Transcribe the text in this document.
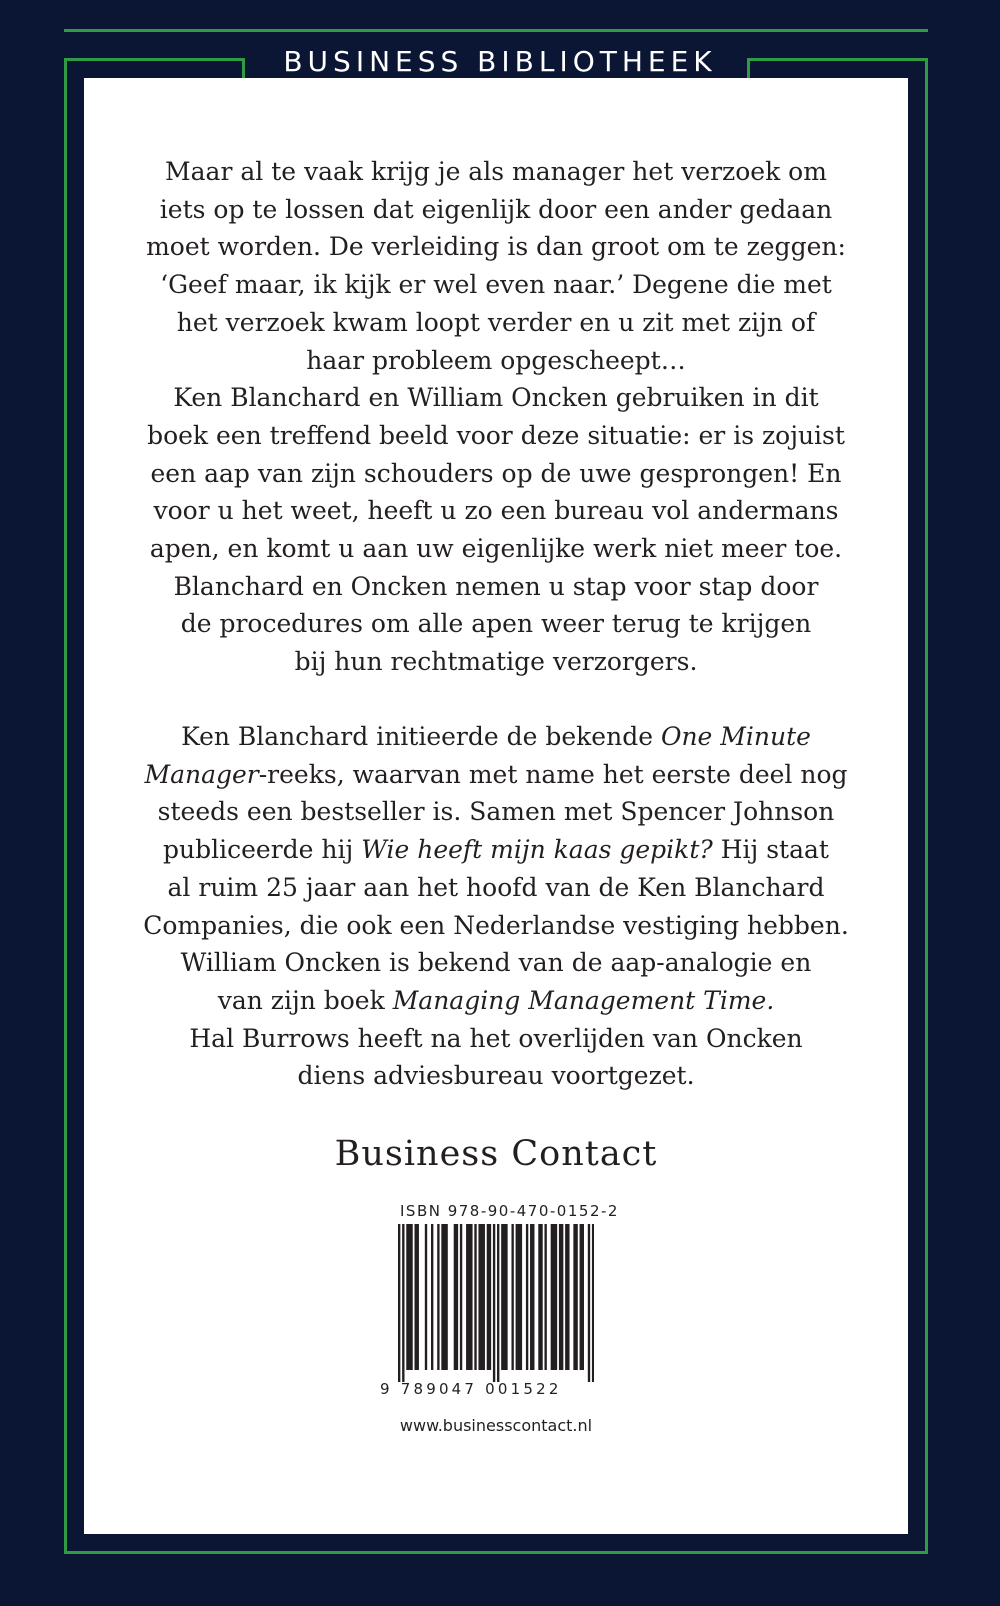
BUSINESS BIBLIOTHEEK
Maar al te vaak krijg je als manager het verzoek om
iets op te lossen dat eigenlijk door een ander gedaan
moet worden. De verleiding is dan groot om te zeggen:
‘Geef maar, ik kijk er wel even naar.’ Degene die met
het verzoek kwam loopt verder en u zit met zijn of
haar probleem opgescheept…
Ken Blanchard en William Oncken gebruiken in dit
boek een treffend beeld voor deze situatie: er is zojuist
een aap van zijn schouders op de uwe gesprongen! En
voor u het weet, heeft u zo een bureau vol andermans
apen, en komt u aan uw eigenlijke werk niet meer toe.
Blanchard en Oncken nemen u stap voor stap door
de procedures om alle apen weer terug te krijgen
bij hun rechtmatige verzorgers.
Ken Blanchard initieerde de bekende One Minute
Manager-reeks, waarvan met name het eerste deel nog
steeds een bestseller is. Samen met Spencer Johnson
publiceerde hij Wie heeft mijn kaas gepikt? Hij staat
al ruim 25 jaar aan het hoofd van de Ken Blanchard
Companies, die ook een Nederlandse vestiging hebben.
William Oncken is bekend van de aap-analogie en
van zijn boek Managing Management Time.
Hal Burrows heeft na het overlijden van Oncken
diens adviesbureau voortgezet.
Business Contact
ISBN 978-90-470-0152-2
9 789047 001522
www.businesscontact.nl
